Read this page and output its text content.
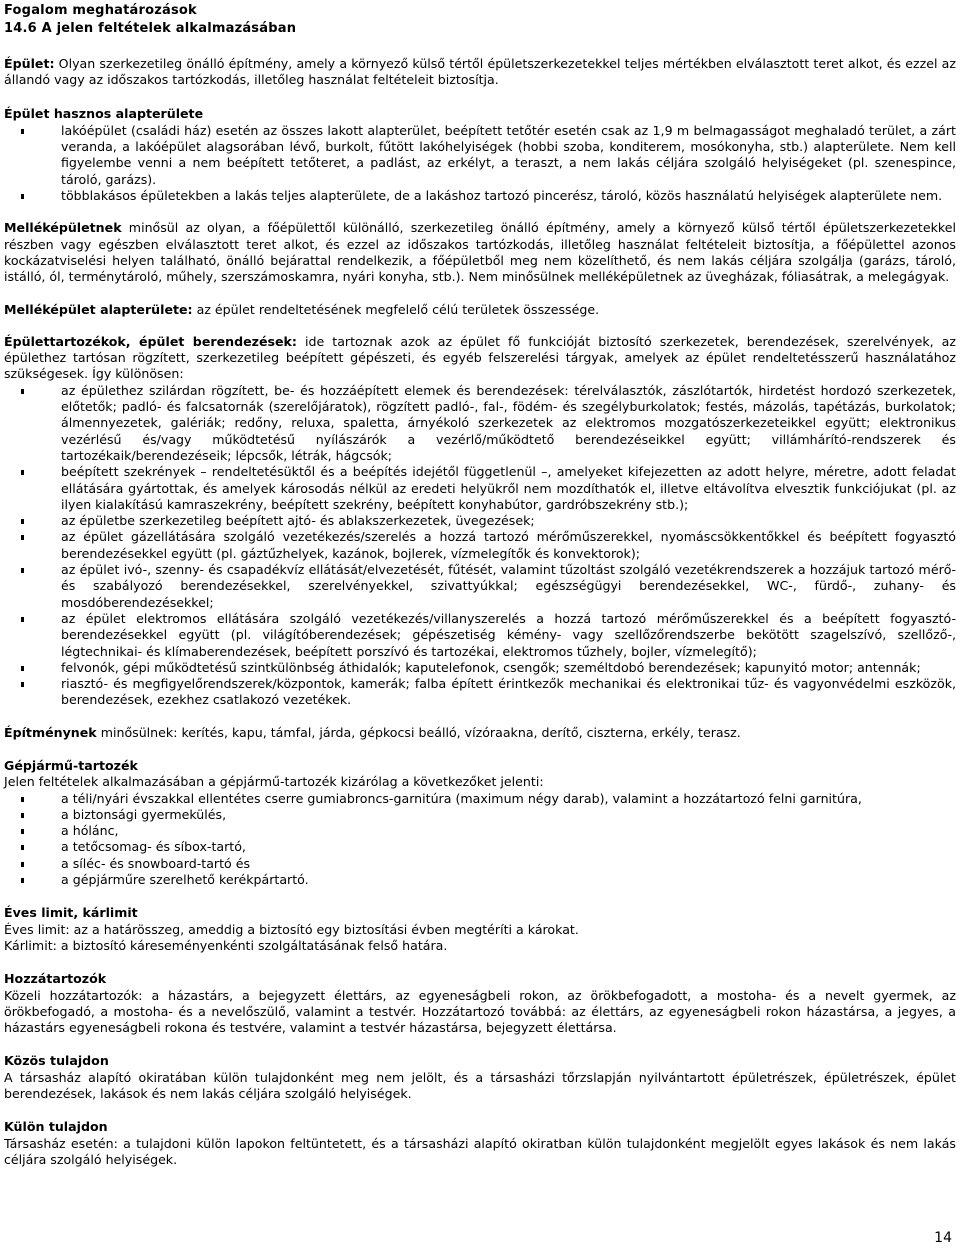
Fogalom meghatározások
14.6 A jelen feltételek alkalmazásában

Épület: Olyan szerkezetileg önálló építmény, amely a környező külső tértől épületszerkezetekkel teljes mértékben elválasztott teret alkot, és ezzel az állandó vagy az időszakos tartózkodás, illetőleg használat feltételeit biztosítja.

Épület hasznos alapterülete
lakóépület (családi ház) esetén az összes lakott alapterület, beépített tetőtér esetén csak az 1,9 m belmagasságot meghaladó terület, a zárt veranda, a lakóépület alagsorában lévő, burkolt, fűtött lakóhelyiségek (hobbi szoba, konditerem, mosókonyha, stb.) alapterülete. Nem kell figyelembe venni a nem beépített tetőteret, a padlást, az erkélyt, a teraszt, a nem lakás céljára szolgáló helyiségeket (pl. szenespince, tároló, garázs).
többlakásos épületekben a lakás teljes alapterülete, de a lakáshoz tartozó pincerész, tároló, közös használatú helyiségek alapterülete nem.

Melléképületnek minősül az olyan, a főépülettől különálló, szerkezetileg önálló építmény, amely a környező külső tértől épületszerkezetekkel részben vagy egészben elválasztott teret alkot, és ezzel az időszakos tartózkodás, illetőleg használat feltételeit biztosítja, a főépülettel azonos kockázatviselési helyen található, önálló bejárattal rendelkezik, a főépületből meg nem közelíthető, és nem lakás céljára szolgálja (garázs, tároló, istálló, ól, terménytároló, műhely, szerszámoskamra, nyári konyha, stb.). Nem minősülnek melléképületnek az üvegházak, fóliasátrak, a melegágyak.

Melléképület alapterülete: az épület rendeltetésének megfelelő célú területek összessége.

Épülettartozékok, épület berendezések: ide tartoznak azok az épület fő funkcióját biztosító szerkezetek, berendezések, szerelvények, az épülethez tartósan rögzített, szerkezetileg beépített gépészeti, és egyéb felszerelési tárgyak, amelyek az épület rendeltetésszerű használatához szükségesek. Így különösen:

az épülethez szilárdan rögzített, be- és hozzáépített elemek és berendezések: térelválasztók, zászlótartók, hirdetést hordozó szerkezetek, előtetők; padló- és falcsatornák (szerelőjáratok), rögzített padló-, fal-, födém- és szegélyburkolatok; festés, mázolás, tapétázás, burkolatok; álmennyezetek, galériák; redőny, reluxa, spaletta, árnyékoló szerkezetek az elektromos mozgatószerkezeteikkel együtt; elektronikus vezérlésű és/vagy működtetésű nyílászárók a vezérlő/működtető berendezéseikkel együtt; villámhárító-rendszerek és tartozékaik/berendezéseik; lépcsők, létrák, hágcsók;
beépített szekrények – rendeltetésüktől és a beépítés idejétől függetlenül –, amelyeket kifejezetten az adott helyre, méretre, adott feladat ellátására gyártottak, és amelyek károsodás nélkül az eredeti helyükről nem mozdíthatók el, illetve eltávolítva elvesztik funkciójukat (pl. az ilyen kialakítású kamraszekrény, beépített szekrény, beépített konyhabútor, gardróbszekrény stb.);
az épületbe szerkezetileg beépített ajtó- és ablakszerkezetek, üvegezések;
az épület gázellátására szolgáló vezetékezés/szerelés a hozzá tartozó mérőműszerekkel, nyomáscsökkentőkkel és beépített fogyasztó berendezésekkel együtt (pl. gáztűzhelyek, kazánok, bojlerek, vízmelegítők és konvektorok);
az épület ivó-, szenny- és csapadékvíz ellátását/elvezetését, fűtését, valamint tűzoltást szolgáló vezetékrendszerek a hozzájuk tartozó mérő- és szabályozó berendezésekkel, szerelvényekkel, szivattyúkkal; egészségügyi berendezésekkel, WC-, fürdő-, zuhany- és mosdóberendezésekkel;
az épület elektromos ellátására szolgáló vezetékezés/villanyszerelés a hozzá tartozó mérőműszerekkel és a beépített fogyasztó-berendezésekkel együtt (pl. világítóberendezések; gépészetiség kémény- vagy szellőzőrendszerbe bekötött szagelszívó, szellőző-, légtechnikai- és klímaberendezések, beépített porszívó és tartozékai, elektromos tűzhely, bojler, vízmelegítő);
felvonók, gépi működtetésű szintkülönbség áthidalók; kaputelefonok, csengők; személtdobó berendezések; kapunyitó motor; antennák;
riasztó- és megfigyelőrendszerek/központok, kamerák; falba épített érintkezők mechanikai és elektronikai tűz- és vagyonvédelmi eszközök, berendezések, ezekhez csatlakozó vezetékek.

Építménynek minősülnek: kerítés, kapu, támfal, járda, gépkocsi beálló, vízóraakna, derítő, ciszterna, erkély, terasz.

Gépjármű-tartozék

Jelen feltételek alkalmazásában a gépjármű-tartozék kizárólag a következőket jelenti:

a téli/nyári évszakkal ellentétes cserre gumiabroncs-garnitúra (maximum négy darab), valamint a hozzátartozó felni garnitúra,
a biztonsági gyermekülés,
a hólánc,
a tetőcsomag- és síbox-tartó,
a síléc- és snowboard-tartó és
a gépjárműre szerelhető kerékpártartó.
Éves limit, kárlimit

Éves limit: az a határösszeg, ameddig a biztosító egy biztosítási évben megtéríti a károkat.

Kárlimit: a biztosító káreseményenkénti szolgáltatásának felső határa.

Hozzátartozók

Közeli hozzátartozók: a házastárs, a bejegyzett élettárs, az egyeneságbeli rokon, az örökbefogadott, a mostoha- és a nevelt gyermek, az örökbefogadó, a mostoha- és a nevelőszülő, valamint a testvér. Hozzátartozó továbbá: az élettárs, az egyeneságbeli rokon házastársa, a jegyes, a házastárs egyeneságbeli rokona és testvére, valamint a testvér házastársa, bejegyzett élettársa.

Közös tulajdon

A társasház alapító okiratában külön tulajdonként meg nem jelölt, és a társasházi tőrzslapján nyilvántartott épületrészek, épületrészek, épület berendezések, lakások és nem lakás céljára szolgáló helyiségek.

Külön tulajdon

Társasház esetén: a tulajdoni külön lapokon feltüntetett, és a társasházi alapító okiratban külön tulajdonként megjelölt egyes lakások és nem lakás céljára szolgáló helyiségek.

14
